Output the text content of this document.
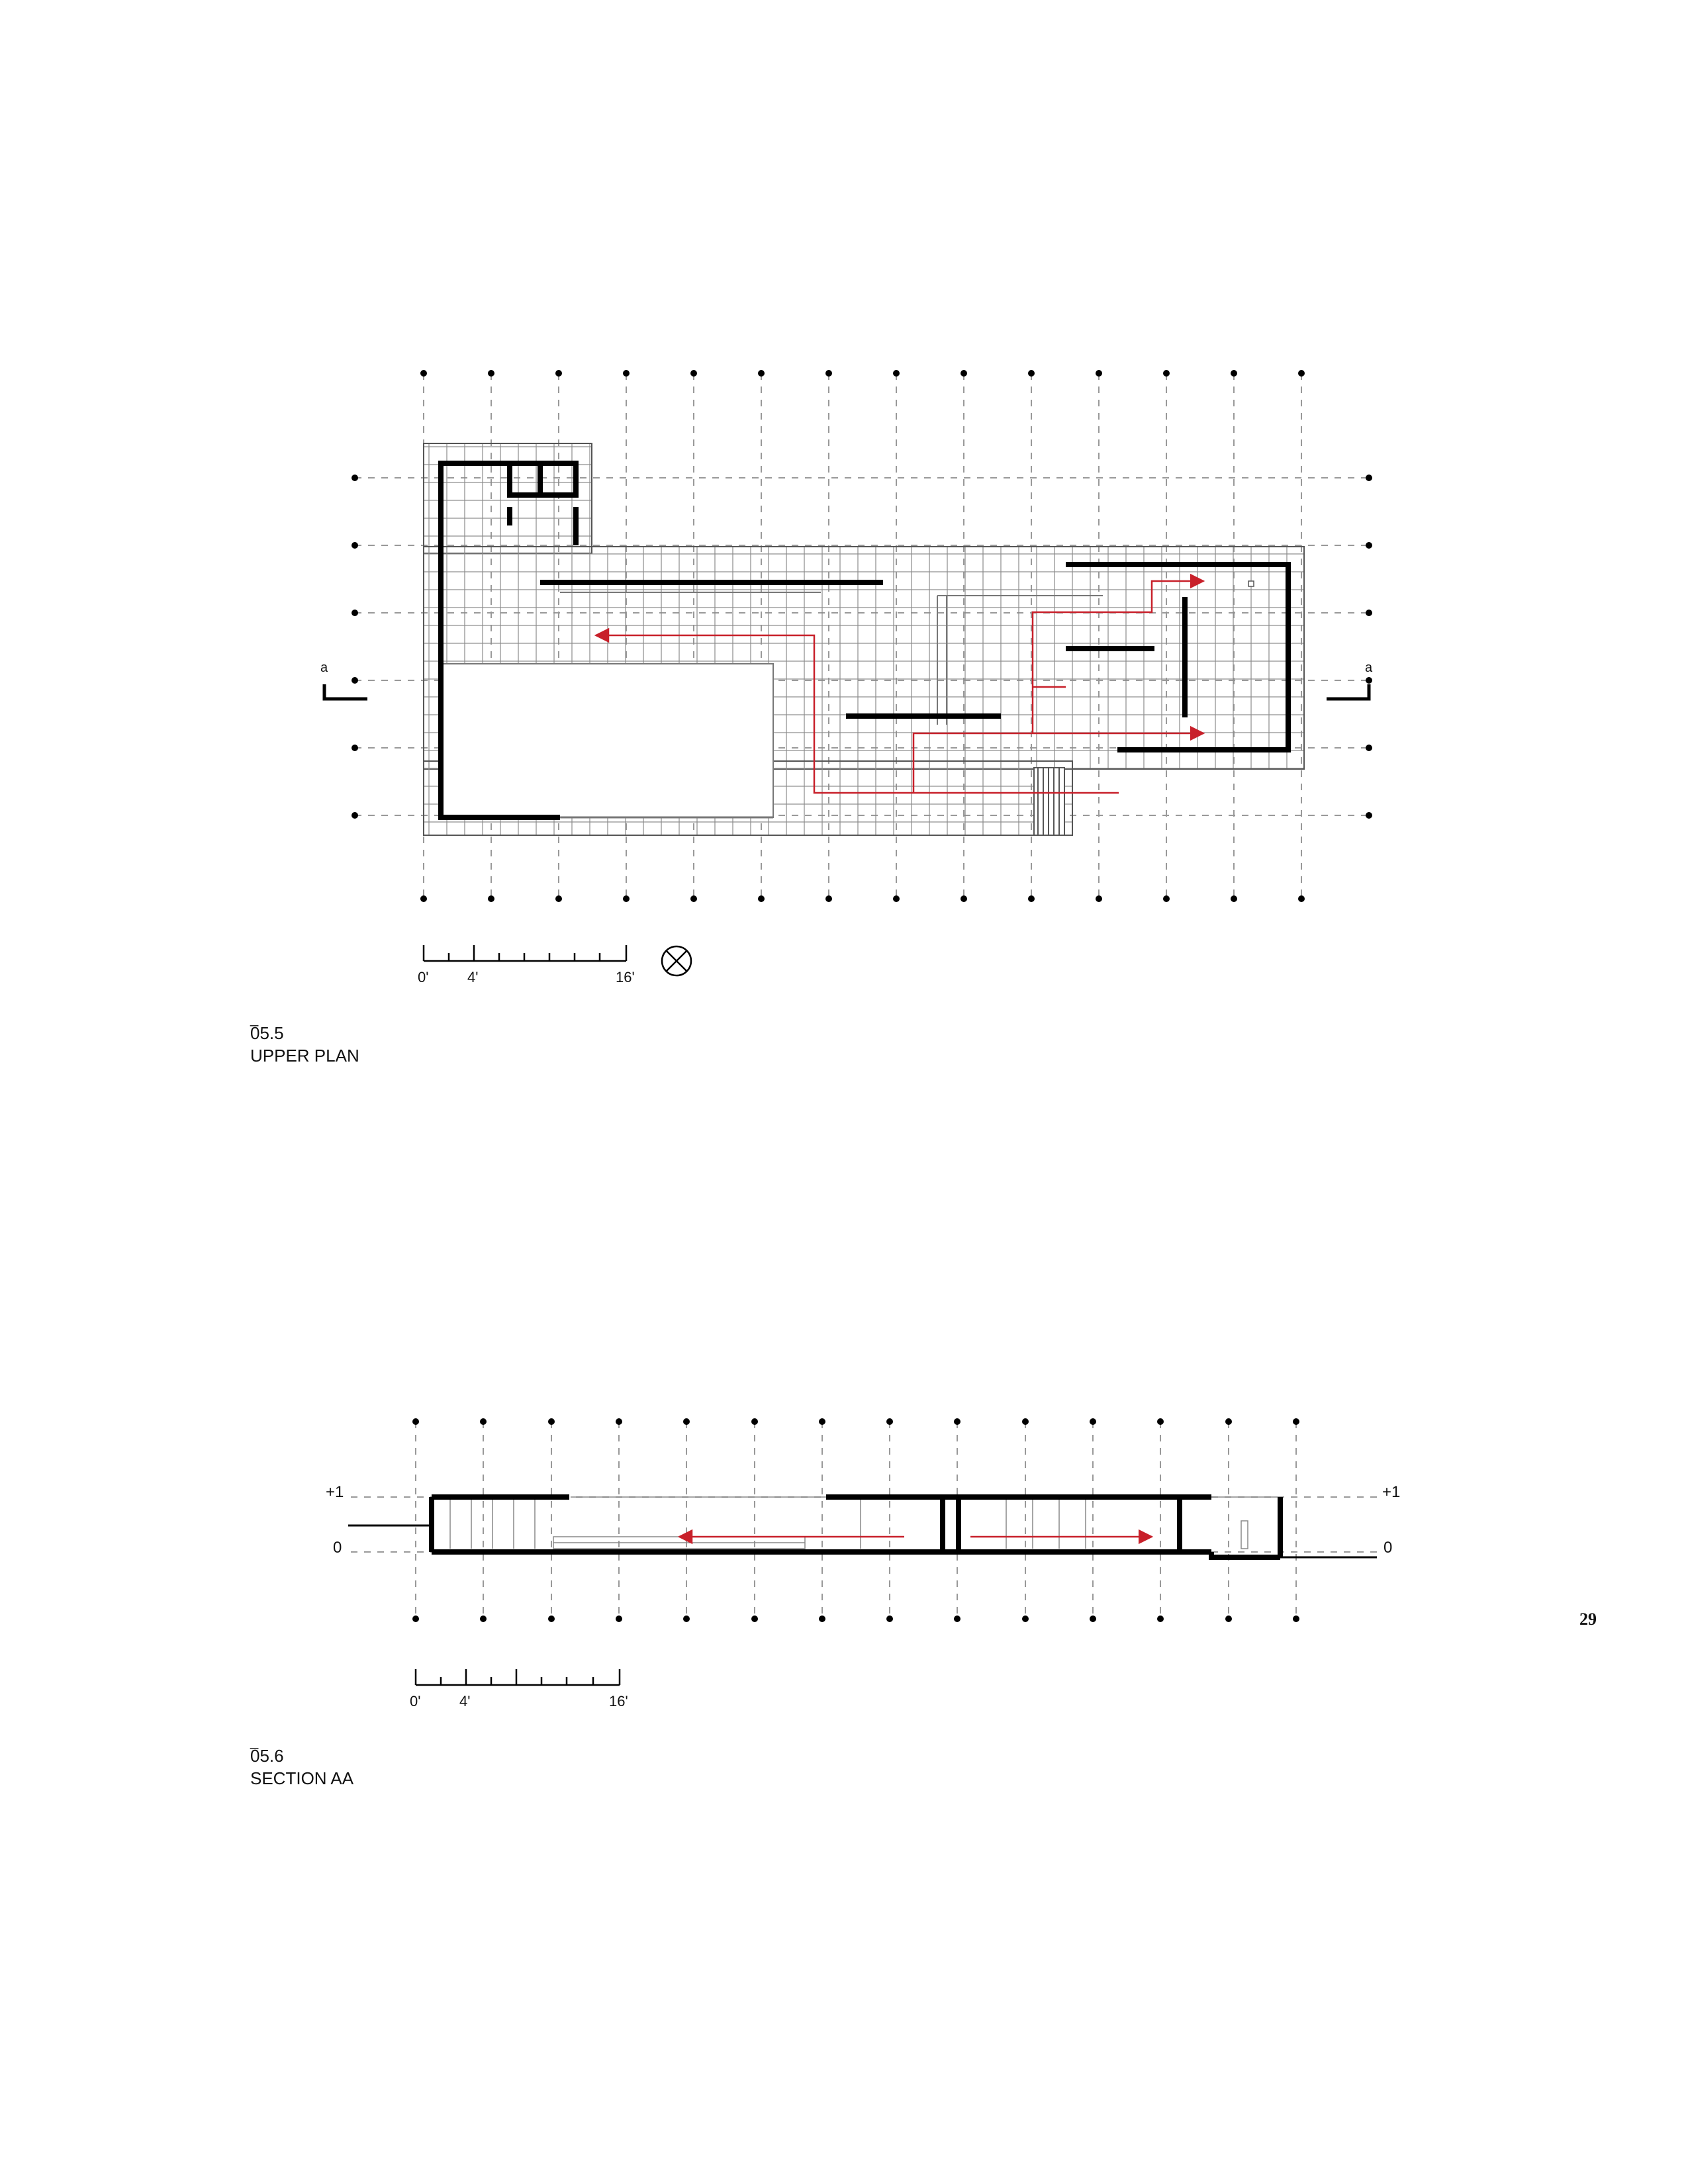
a	a
0'	4'	16'
+1
0
+1
0
0'	4'	16'
_
05.5
UPPER PLAN
_
05.6
SECTION AA
29
